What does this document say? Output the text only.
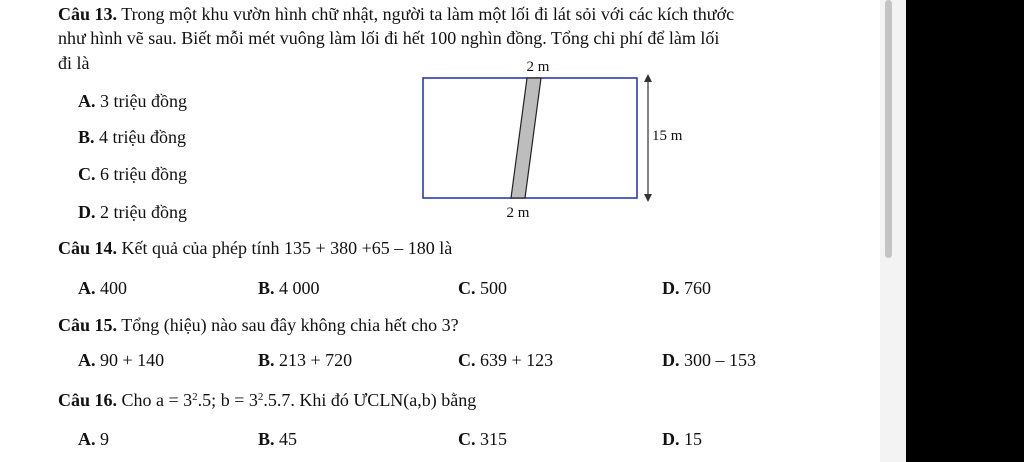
Câu 13. Trong một khu vườn hình chữ nhật, người ta làm một lối đi lát sỏi với các kích thước
như hình vẽ sau. Biết mỗi mét vuông làm lối đi hết 100 nghìn đồng. Tổng chi phí để làm lối
đi là
A. 3 triệu đồng
B. 4 triệu đồng
C. 6 triệu đồng
D. 2 triệu đồng
2 m
15 m
2 m
Câu 14. Kết quả của phép tính 135 + 380 +65 – 180 là
A. 400	B. 4 000	C. 500	D. 760
Câu 15. Tổng (hiệu) nào sau đây không chia hết cho 3?
A. 90 + 140	B. 213 + 720	C. 639 + 123	D. 300 – 153
Câu 16. Cho $a = 3^2.5$; $b = 3^2.5.7$. Khi đó ƯCLN(a,b) bằng
A. 9	B. 45	C. 315	D. 15
